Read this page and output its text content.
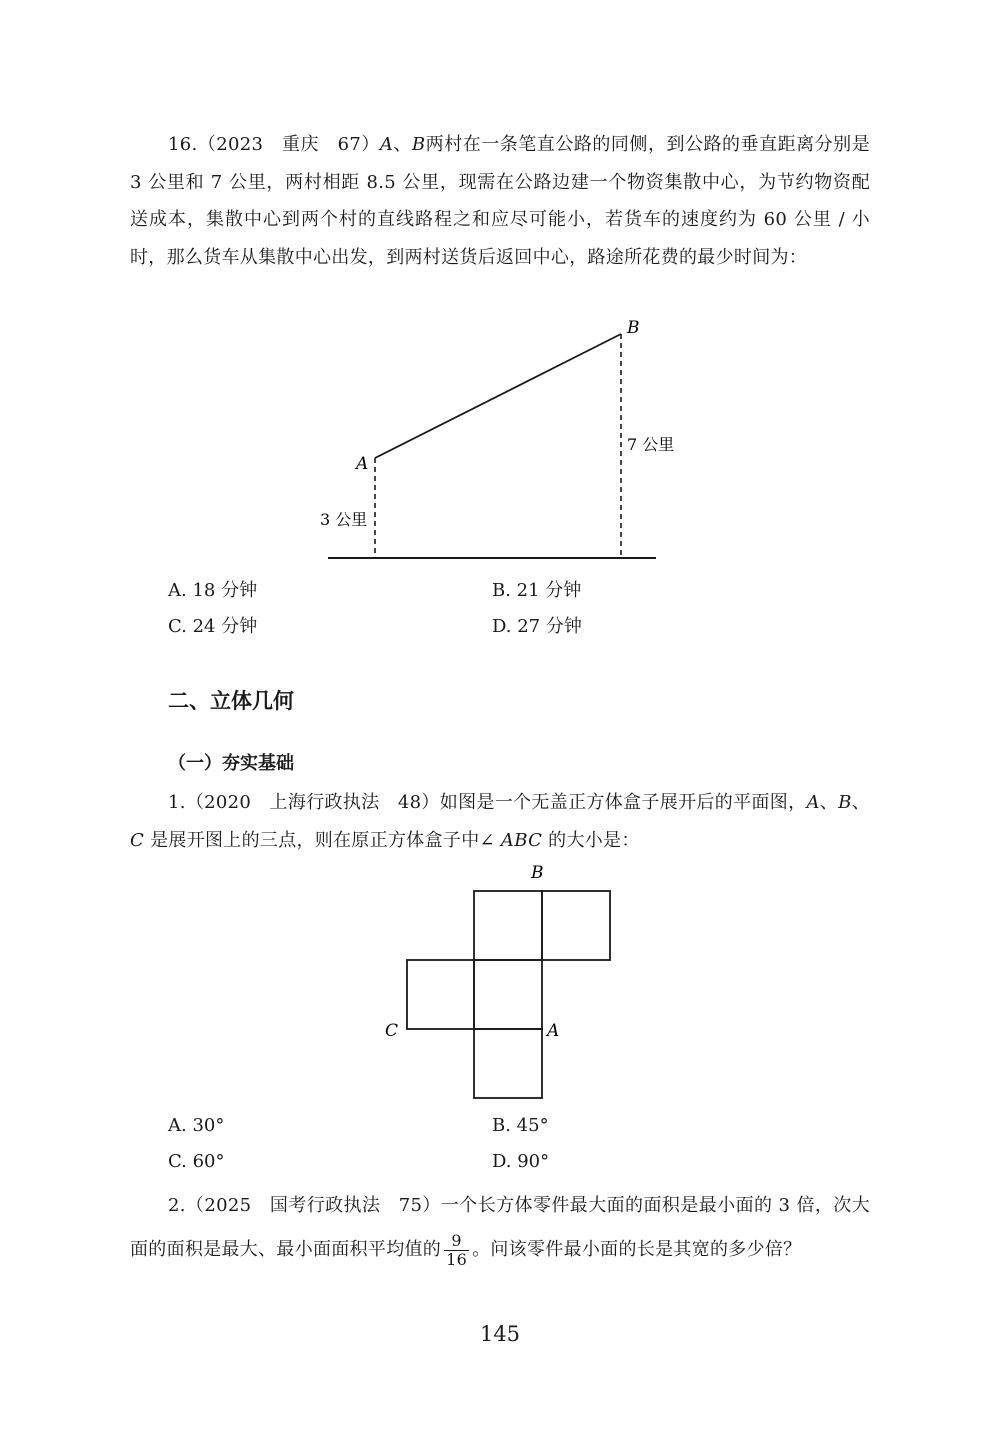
16.（2023　重庆　67）A、B两村在一条笔直公路的同侧，到公路的垂直距离分别是 3 公里和 7 公里，两村相距 8.5 公里，现需在公路边建一个物资集散中心，为节约物资配送成本，集散中心到两个村的直线路程之和应尽可能小，若货车的速度约为 60 公里 / 小时，那么货车从集散中心出发，到两村送货后返回中心，路途所花费的最少时间为：

A
B
3 公里
7 公里
A. 18 分钟	B. 21 分钟
C. 24 分钟	D. 27 分钟
二、立体几何
（一）夯实基础

1.（2020　上海行政执法　48）如图是一个无盖正方体盒子展开后的平面图，A、B、C 是展开图上的三点，则在原正方体盒子中∠ ABC 的大小是：

B
C	A
A. 30°	B. 45°
C. 60°	D. 90°

2.（2025　国考行政执法　75）一个长方体零件最大面的面积是最小面的 3 倍，次大面的面积是最大、最小面面积平均值的 $\frac{9}{16}$ 。问该零件最小面的长是其宽的多少倍？

145
